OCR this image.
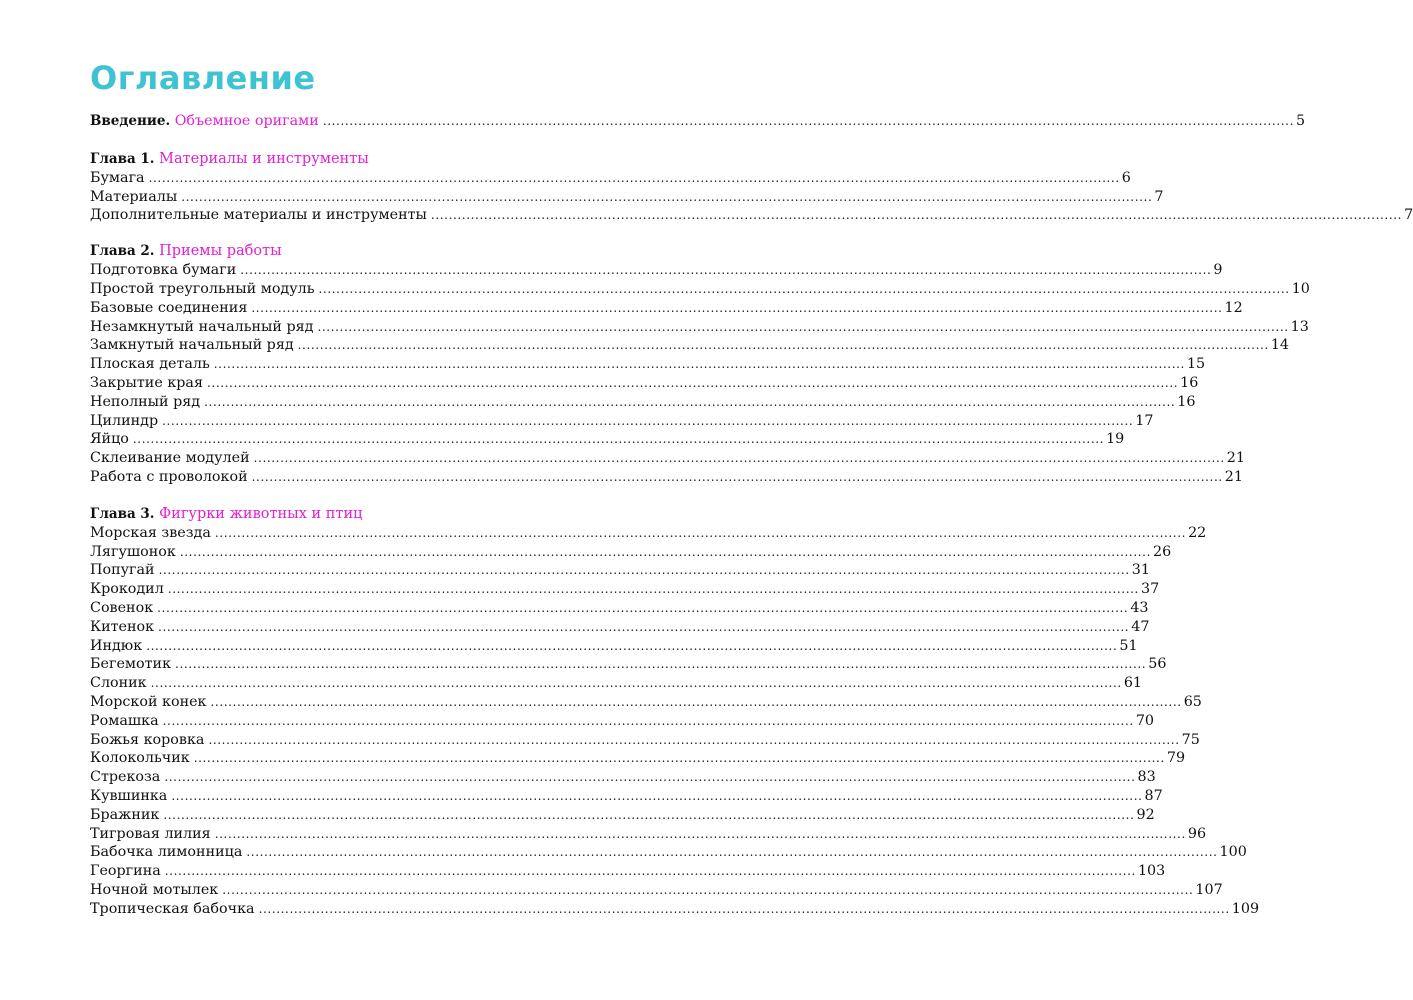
Оглавление
Введение. Объемное оригами ............................................................................................................................................................................................................................ 5
Глава 1. Материалы и инструменты
Бумага ............................................................................................................................................................................................................................ 6
Материалы ............................................................................................................................................................................................................................ 7
Дополнительные материалы и инструменты ............................................................................................................................................................................................................................ 7
Глава 2. Приемы работы
Подготовка бумаги ............................................................................................................................................................................................................................ 9
Простой треугольный модуль ............................................................................................................................................................................................................................ 10
Базовые соединения ............................................................................................................................................................................................................................ 12
Незамкнутый начальный ряд ............................................................................................................................................................................................................................ 13
Замкнутый начальный ряд ............................................................................................................................................................................................................................ 14
Плоская деталь ............................................................................................................................................................................................................................ 15
Закрытие края ............................................................................................................................................................................................................................ 16
Неполный ряд ............................................................................................................................................................................................................................ 16
Цилиндр ............................................................................................................................................................................................................................ 17
Яйцо ............................................................................................................................................................................................................................ 19
Склеивание модулей ............................................................................................................................................................................................................................ 21
Работа с проволокой ............................................................................................................................................................................................................................ 21
Глава 3. Фигурки животных и птиц
Морская звезда ............................................................................................................................................................................................................................ 22
Лягушонок ............................................................................................................................................................................................................................ 26
Попугай ............................................................................................................................................................................................................................ 31
Крокодил ............................................................................................................................................................................................................................ 37
Совенок ............................................................................................................................................................................................................................ 43
Китенок ............................................................................................................................................................................................................................ 47
Индюк ............................................................................................................................................................................................................................ 51
Бегемотик ............................................................................................................................................................................................................................ 56
Слоник ............................................................................................................................................................................................................................ 61
Морской конек ............................................................................................................................................................................................................................ 65
Ромашка ............................................................................................................................................................................................................................ 70
Божья коровка ............................................................................................................................................................................................................................ 75
Колокольчик ............................................................................................................................................................................................................................ 79
Стрекоза ............................................................................................................................................................................................................................ 83
Кувшинка ............................................................................................................................................................................................................................ 87
Бражник ............................................................................................................................................................................................................................ 92
Тигровая лилия ............................................................................................................................................................................................................................ 96
Бабочка лимонница ............................................................................................................................................................................................................................ 100
Георгина ............................................................................................................................................................................................................................ 103
Ночной мотылек ............................................................................................................................................................................................................................ 107
Тропическая бабочка ............................................................................................................................................................................................................................ 109
